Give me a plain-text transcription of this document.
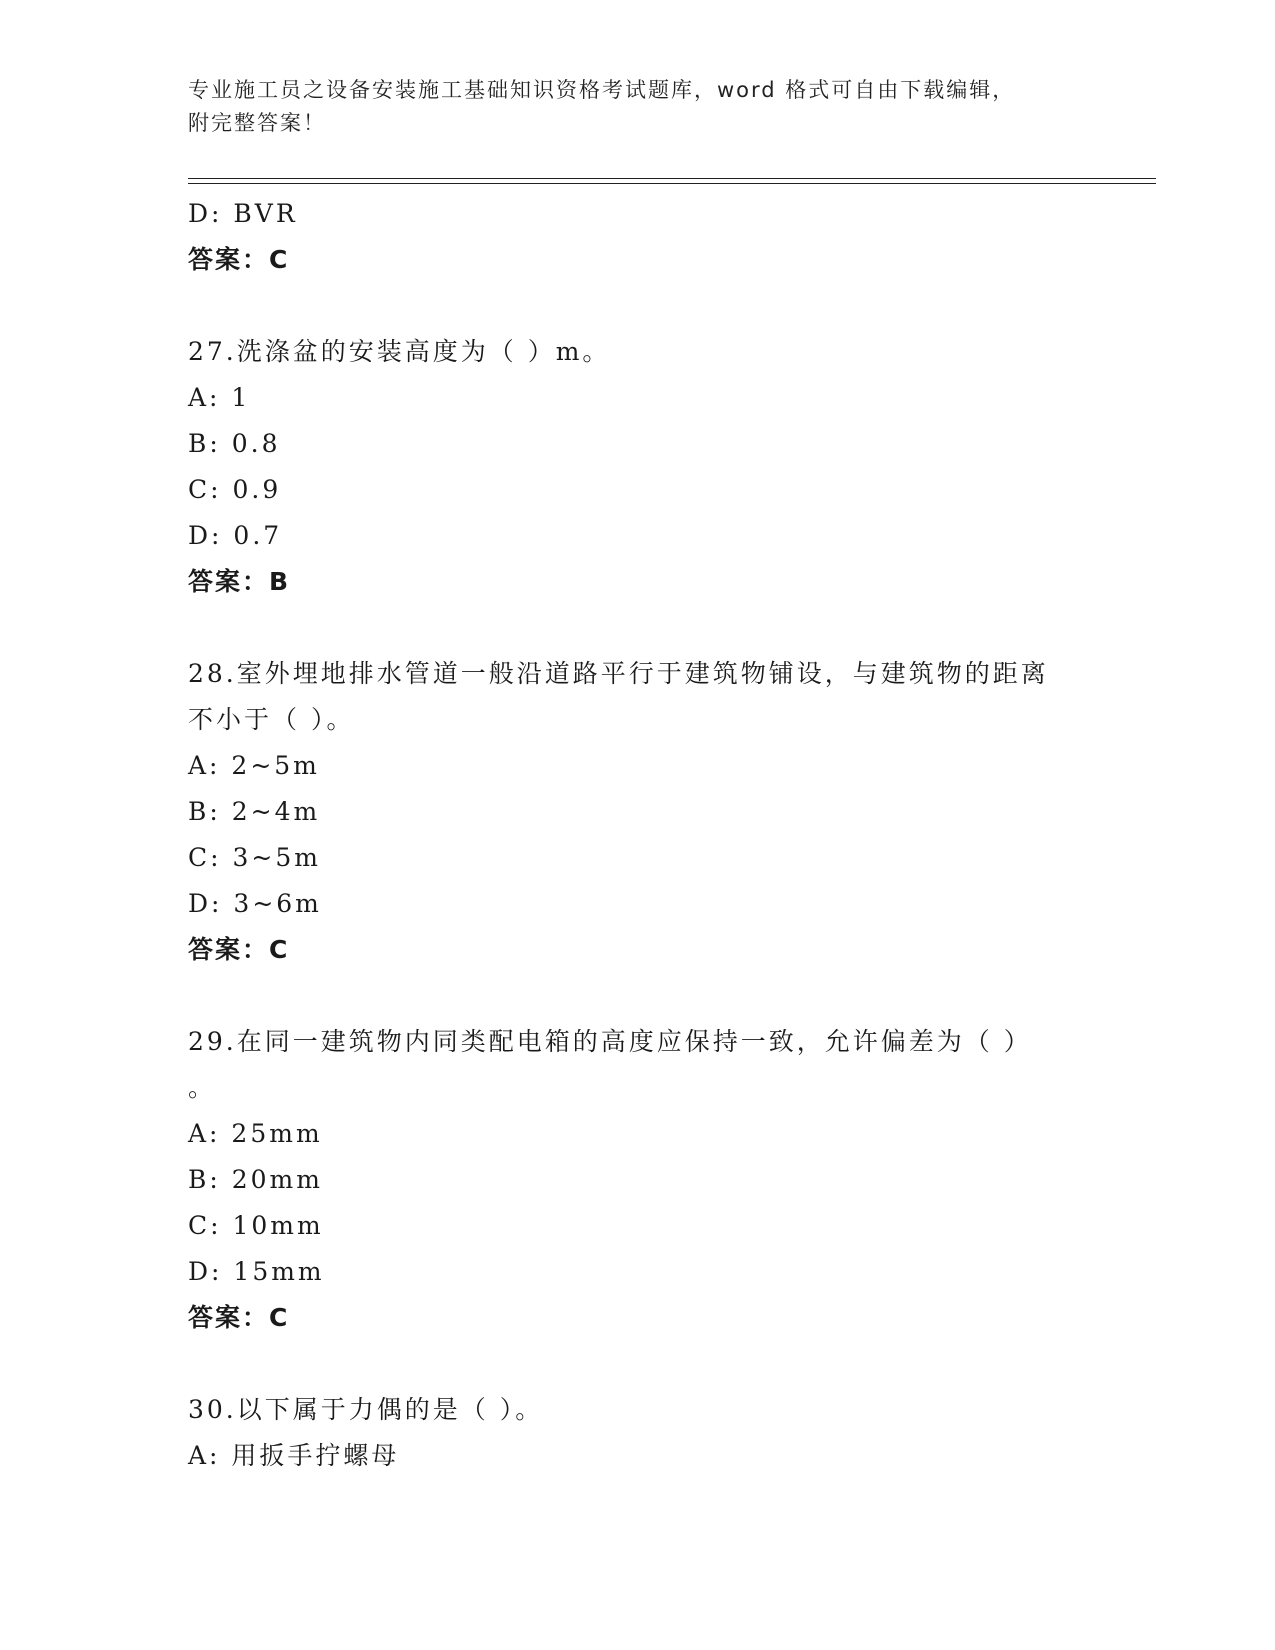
专业施工员之设备安装施工基础知识资格考试题库，word 格式可自由下载编辑，
附完整答案！
D: BVR
答案：C
27.洗涤盆的安装高度为（ ）m。
A: 1
B: 0.8
C: 0.9
D: 0.7
答案：B
28.室外埋地排水管道一般沿道路平行于建筑物铺设，与建筑物的距离
不小于（ ）。
A: 2~5m
B: 2~4m
C: 3~5m
D: 3~6m
答案：C
29.在同一建筑物内同类配电箱的高度应保持一致，允许偏差为（ ）
。
A: 25mm
B: 20mm
C: 10mm
D: 15mm
答案：C
30.以下属于力偶的是（ ）。
A: 用扳手拧螺母
